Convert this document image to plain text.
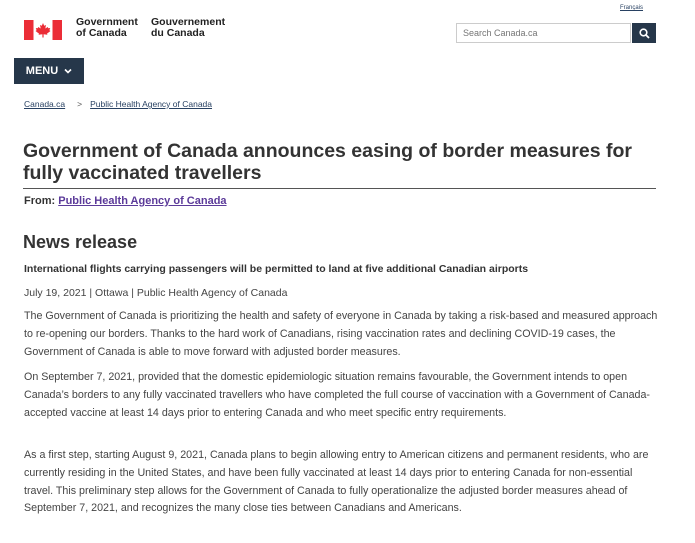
Government
of Canada
Gouvernement
du Canada
Français
Search Canada.ca
MENU
Canada.ca > Public Health Agency of Canada
Government of Canada announces easing of border measures for fully vaccinated travellers
From: Public Health Agency of Canada
News release
International flights carrying passengers will be permitted to land at five additional Canadian airports
July 19, 2021 | Ottawa | Public Health Agency of Canada

The Government of Canada is prioritizing the health and safety of everyone in Canada by taking a risk-based and measured approach to re-opening our borders. Thanks to the hard work of Canadians, rising vaccination rates and declining COVID-19 cases, the Government of Canada is able to move forward with adjusted border measures.

On September 7, 2021, provided that the domestic epidemiologic situation remains favourable, the Government intends to open Canada’s borders to any fully vaccinated travellers who have completed the full course of vaccination with a Government of Canada-accepted vaccine at least 14 days prior to entering Canada and who meet specific entry requirements.

As a first step, starting August 9, 2021, Canada plans to begin allowing entry to American citizens and permanent residents, who are currently residing in the United States, and have been fully vaccinated at least 14 days prior to entering Canada for non-essential travel. This preliminary step allows for the Government of Canada to fully operationalize the adjusted border measures ahead of September 7, 2021, and recognizes the many close ties between Canadians and Americans.
